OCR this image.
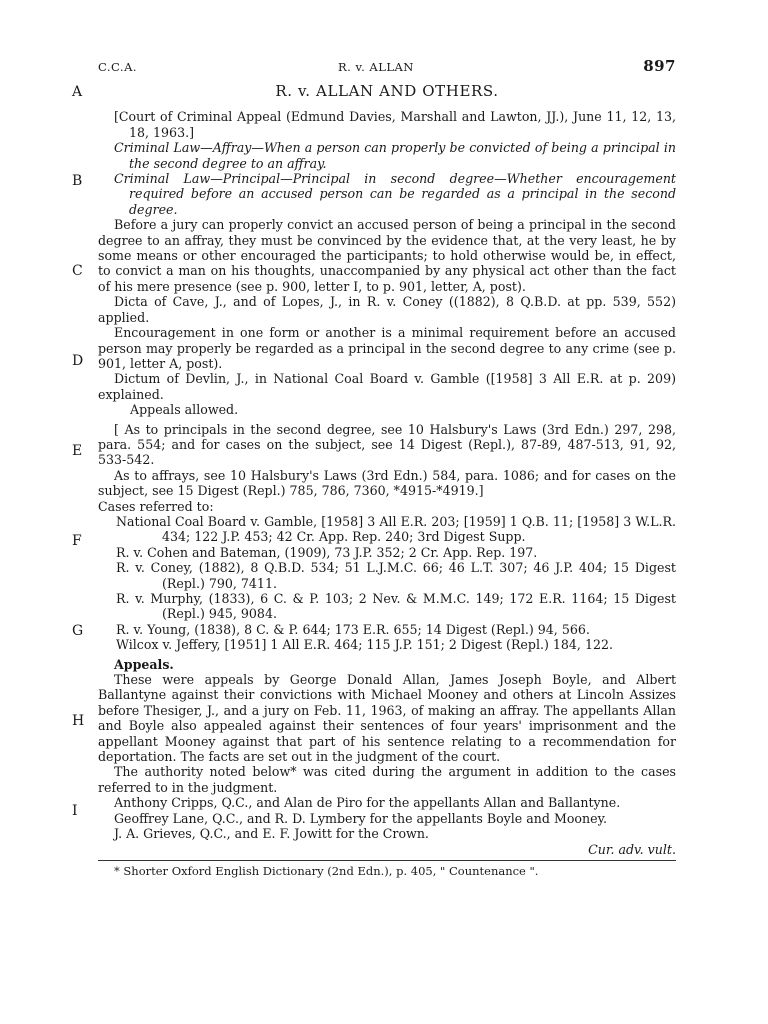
C.C.A.	R. v. ALLAN	897
A
B
C
D
E
F
G
H
I

R. v. ALLAN AND OTHERS.

[Court of Criminal Appeal (Edmund Davies, Marshall and Lawton, JJ.), June 11, 12, 13, 18, 1963.]

Criminal Law—Affray—When a person can properly be convicted of being a principal in the second degree to an affray.

Criminal Law—Principal—Principal in second degree—Whether encouragement required before an accused person can be regarded as a principal in the second degree.

Before a jury can properly convict an accused person of being a principal in the second degree to an affray, they must be convinced by the evidence that, at the very least, he by some means or other encouraged the participants; to hold otherwise would be, in effect, to convict a man on his thoughts, unaccompanied by any physical act other than the fact of his mere presence (see p. 900, letter I, to p. 901, letter, A, post).

Dicta of Cave, J., and of Lopes, J., in R. v. Coney ((1882), 8 Q.B.D. at pp. 539, 552) applied.

Encouragement in one form or another is a minimal requirement before an accused person may properly be regarded as a principal in the second degree to any crime (see p. 901, letter A, post).

Dictum of Devlin, J., in National Coal Board v. Gamble ([1958] 3 All E.R. at p. 209) explained.

Appeals allowed.

[ As to principals in the second degree, see 10 Halsbury's Laws (3rd Edn.) 297, 298, para. 554; and for cases on the subject, see 14 Digest (Repl.), 87-89, 487-513, 91, 92, 533-542.

As to affrays, see 10 Halsbury's Laws (3rd Edn.) 584, para. 1086; and for cases on the subject, see 15 Digest (Repl.) 785, 786, 7360, *4915-*4919.]

Cases referred to:

National Coal Board v. Gamble, [1958] 3 All E.R. 203; [1959] 1 Q.B. 11; [1958] 3 W.L.R. 434; 122 J.P. 453; 42 Cr. App. Rep. 240; 3rd Digest Supp.

R. v. Cohen and Bateman, (1909), 73 J.P. 352; 2 Cr. App. Rep. 197.

R. v. Coney, (1882), 8 Q.B.D. 534; 51 L.J.M.C. 66; 46 L.T. 307; 46 J.P. 404; 15 Digest (Repl.) 790, 7411.

R. v. Murphy, (1833), 6 C. & P. 103; 2 Nev. & M.M.C. 149; 172 E.R. 1164; 15 Digest (Repl.) 945, 9084.

R. v. Young, (1838), 8 C. & P. 644; 173 E.R. 655; 14 Digest (Repl.) 94, 566.

Wilcox v. Jeffery, [1951] 1 All E.R. 464; 115 J.P. 151; 2 Digest (Repl.) 184, 122.

Appeals.

These were appeals by George Donald Allan, James Joseph Boyle, and Albert Ballantyne against their convictions with Michael Mooney and others at Lincoln Assizes before Thesiger, J., and a jury on Feb. 11, 1963, of making an affray. The appellants Allan and Boyle also appealed against their sentences of four years' imprisonment and the appellant Mooney against that part of his sentence relating to a recommendation for deportation. The facts are set out in the judgment of the court.

The authority noted below* was cited during the argument in addition to the cases referred to in the judgment.

Anthony Cripps, Q.C., and Alan de Piro for the appellants Allan and Ballantyne.

Geoffrey Lane, Q.C., and R. D. Lymbery for the appellants Boyle and Mooney.

J. A. Grieves, Q.C., and E. F. Jowitt for the Crown.

Cur. adv. vult.

* Shorter Oxford English Dictionary (2nd Edn.), p. 405, " Countenance ".
